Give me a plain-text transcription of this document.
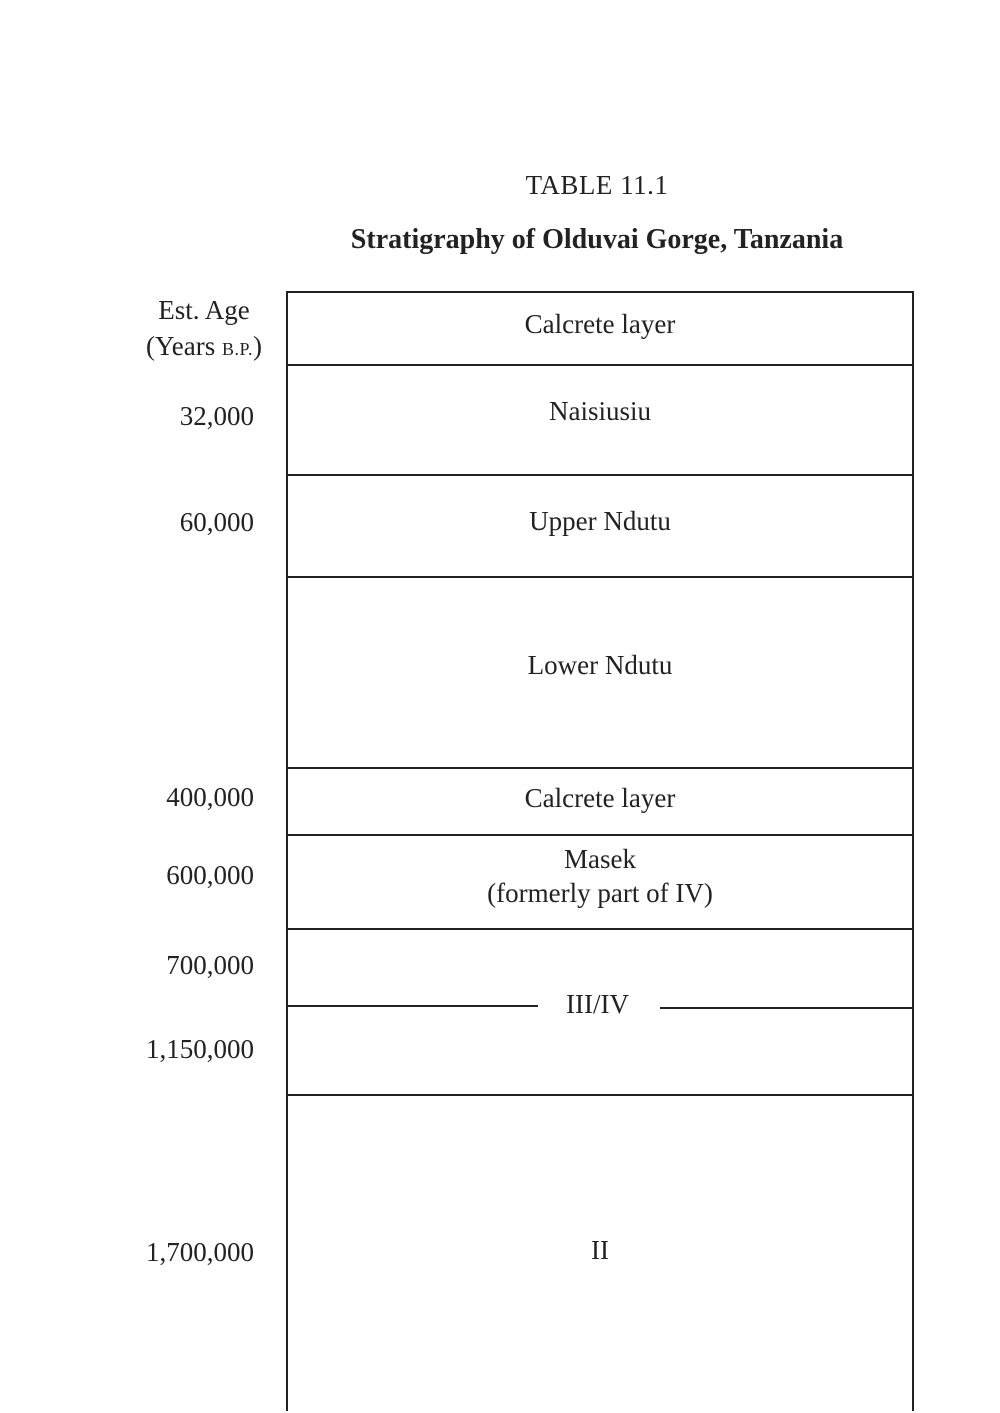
TABLE 11.1
Stratigraphy of Olduvai Gorge, Tanzania
Est. Age
(Years B.P.)
32,000
60,000
400,000
600,000
700,000
1,150,000
1,700,000
Calcrete layer
Naisiusiu
Upper Ndutu
Lower Ndutu
Calcrete layer
Masek
(formerly part of IV)
II
III/IV
